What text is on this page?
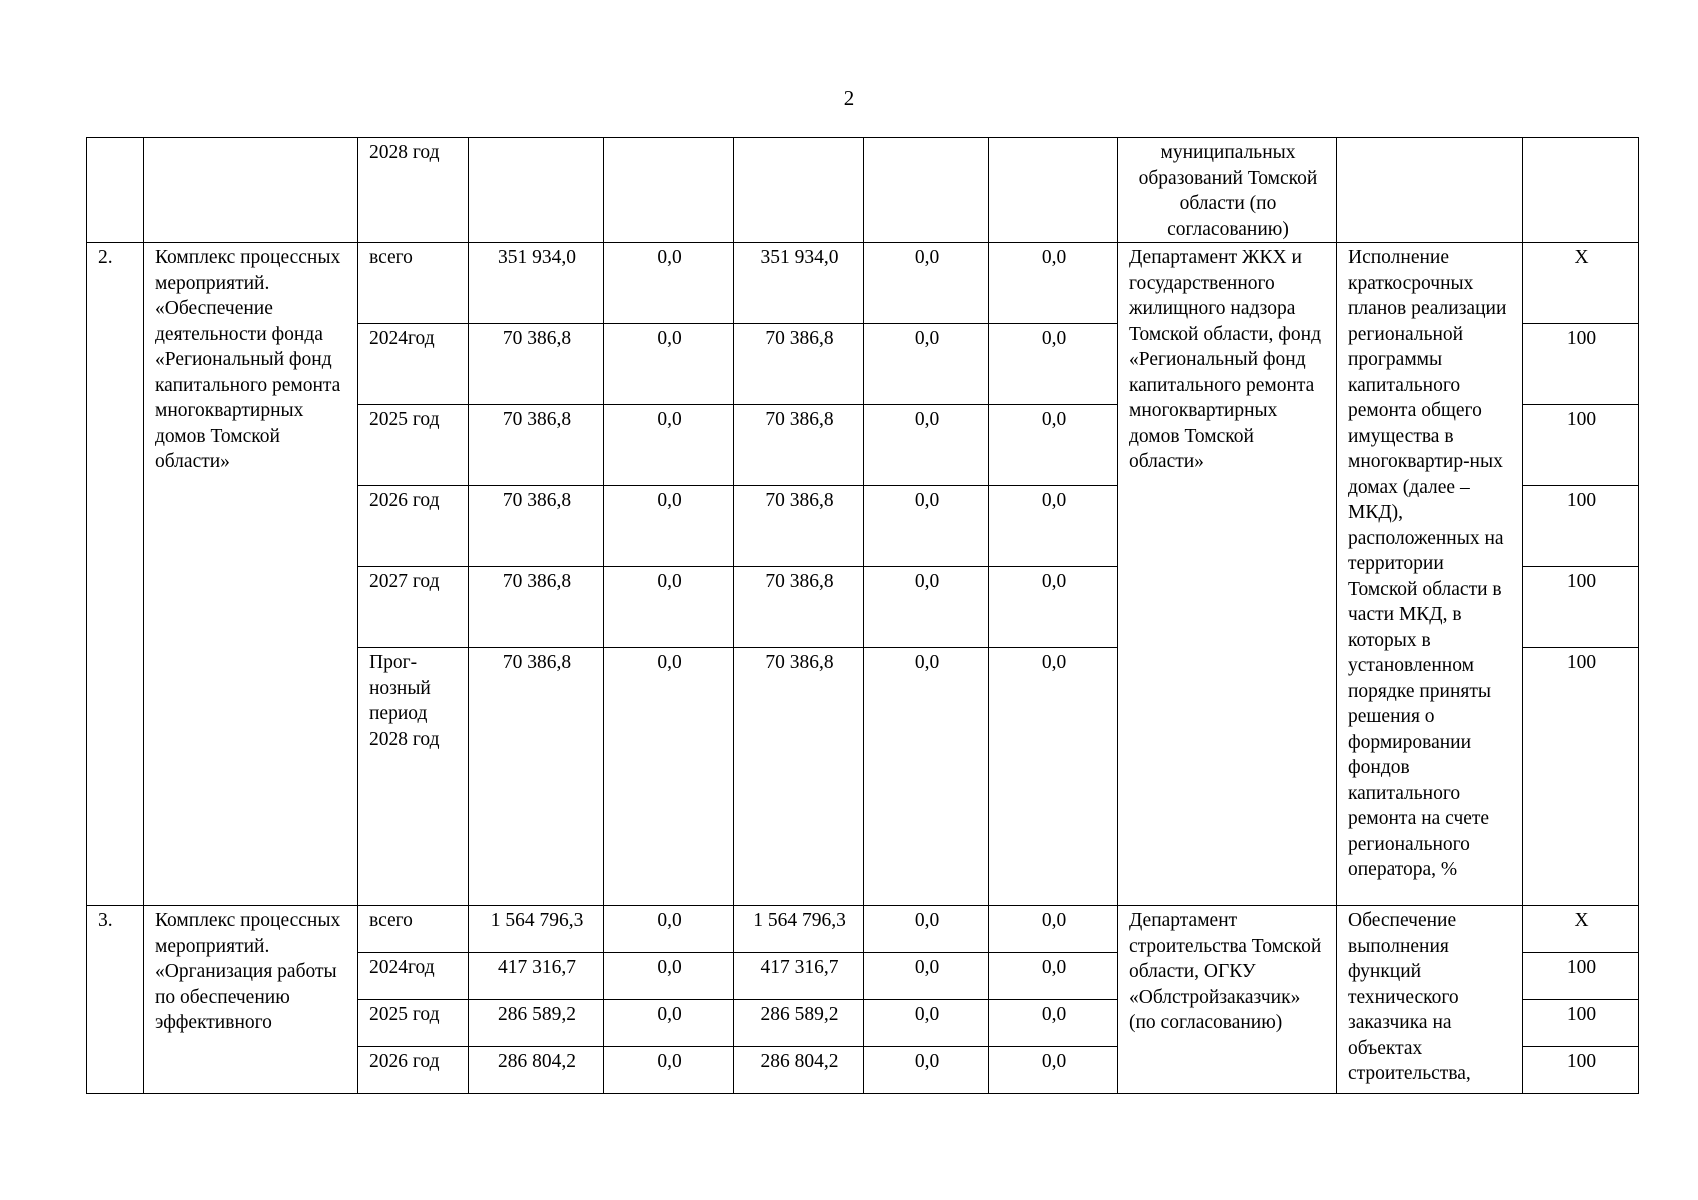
2
		2028 год						муниципальных образований Томской области (по согласованию)		
2.	Комплекс процессных мероприятий. «Обеспечение деятельности фонда «Региональный фонд капитального ремонта многоквартирных домов Томской области»	всего	351 934,0	0,0	351 934,0	0,0	0,0	Департамент ЖКХ и государственного жилищного надзора Томской области, фонд «Региональный фонд капитального ремонта многоквартирных домов Томской области»	Исполнение краткосрочных планов реализации региональной программы капитального ремонта общего имущества в многоквартир-ных домах (далее – МКД), расположенных на территории Томской области в части МКД, в которых в установленном порядке приняты решения о формировании фондов капитального ремонта на счете регионального оператора, %	X
		2024год	70 386,8	0,0	70 386,8	0,0	0,0			100
		2025 год	70 386,8	0,0	70 386,8	0,0	0,0			100
		2026 год	70 386,8	0,0	70 386,8	0,0	0,0			100
		2027 год	70 386,8	0,0	70 386,8	0,0	0,0			100
		Прог-нозный период 2028 год	70 386,8	0,0	70 386,8	0,0	0,0			100
3.	Комплекс процессных мероприятий. «Организация работы по обеспечению эффективного	всего	1 564 796,3	0,0	1 564 796,3	0,0	0,0	Департамент строительства Томской области, ОГКУ «Облстройзаказчик» (по согласованию)	Обеспечение выполнения функций технического заказчика на объектах строительства,	X
		2024год	417 316,7	0,0	417 316,7	0,0	0,0			100
		2025 год	286 589,2	0,0	286 589,2	0,0	0,0			100
		2026 год	286 804,2	0,0	286 804,2	0,0	0,0			100
